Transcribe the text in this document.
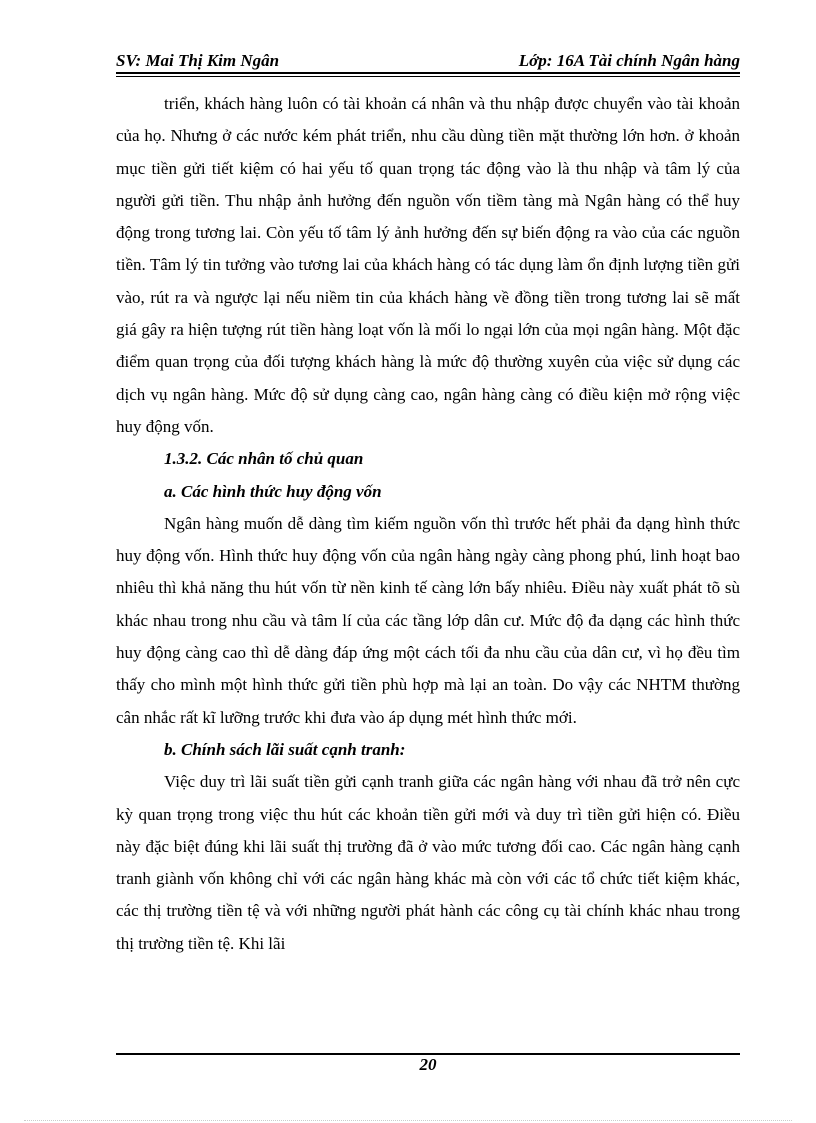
SV: Mai Thị Kim Ngân	Lớp: 16A Tài chính Ngân hàng

triển, khách hàng luôn có tài khoản cá nhân và thu nhập được chuyển vào tài khoản của họ. Nhưng ở các nước kém phát triển, nhu cầu dùng tiền mặt thường lớn hơn. ở khoản mục tiền gửi tiết kiệm có hai yếu tố quan trọng tác động vào là thu nhập và tâm lý của người gửi tiền. Thu nhập ảnh hưởng đến nguồn vốn tiềm tàng mà Ngân hàng có thể huy động trong tương lai. Còn yếu tố tâm lý ảnh hưởng đến sự biến động ra vào của các nguồn tiền. Tâm lý tin tưởng vào tương lai của khách hàng có tác dụng làm ổn định lượng tiền gửi vào, rút ra và ngược lại nếu niềm tin của khách hàng về đồng tiền trong tương lai sẽ mất giá gây ra hiện tượng rút tiền hàng loạt vốn là mối lo ngại lớn của mọi ngân hàng. Một đặc điểm quan trọng của đối tượng khách hàng là mức độ thường xuyên của việc sử dụng các dịch vụ ngân hàng. Mức độ sử dụng càng cao, ngân hàng càng có điều kiện mở rộng việc huy động vốn.

1.3.2. Các nhân tố chủ quan

a. Các hình thức huy động vốn

Ngân hàng muốn dễ dàng tìm kiếm nguồn vốn thì trước hết phải đa dạng hình thức huy động vốn. Hình thức huy động vốn của ngân hàng ngày càng phong phú, linh hoạt bao nhiêu thì khả năng thu hút vốn từ nền kinh tế càng lớn bấy nhiêu. Điều này xuất phát tõ sù khác nhau trong nhu cầu và tâm lí của các tầng lớp dân cư. Mức độ đa dạng các hình thức huy động càng cao thì dễ dàng đáp ứng một cách tối đa nhu cầu của dân cư, vì họ đều tìm thấy cho mình một hình thức gửi tiền phù hợp mà lại an toàn. Do vậy các NHTM thường cân nhắc rất kĩ lưỡng trước khi đưa vào áp dụng mét hình thức mới.

b. Chính sách lãi suất cạnh tranh:

Việc duy trì lãi suất tiền gửi cạnh tranh giữa các ngân hàng với nhau đã trở nên cực kỳ quan trọng trong việc thu hút các khoản tiền gửi mới và duy trì tiền gửi hiện có. Điều này đặc biệt đúng khi lãi suất thị trường đã ở vào mức tương đối cao. Các ngân hàng cạnh tranh giành vốn không chỉ với các ngân hàng khác mà còn với các tổ chức tiết kiệm khác, các thị trường tiền tệ và với những người phát hành các công cụ tài chính khác nhau trong thị trường tiền tệ. Khi lãi

20
